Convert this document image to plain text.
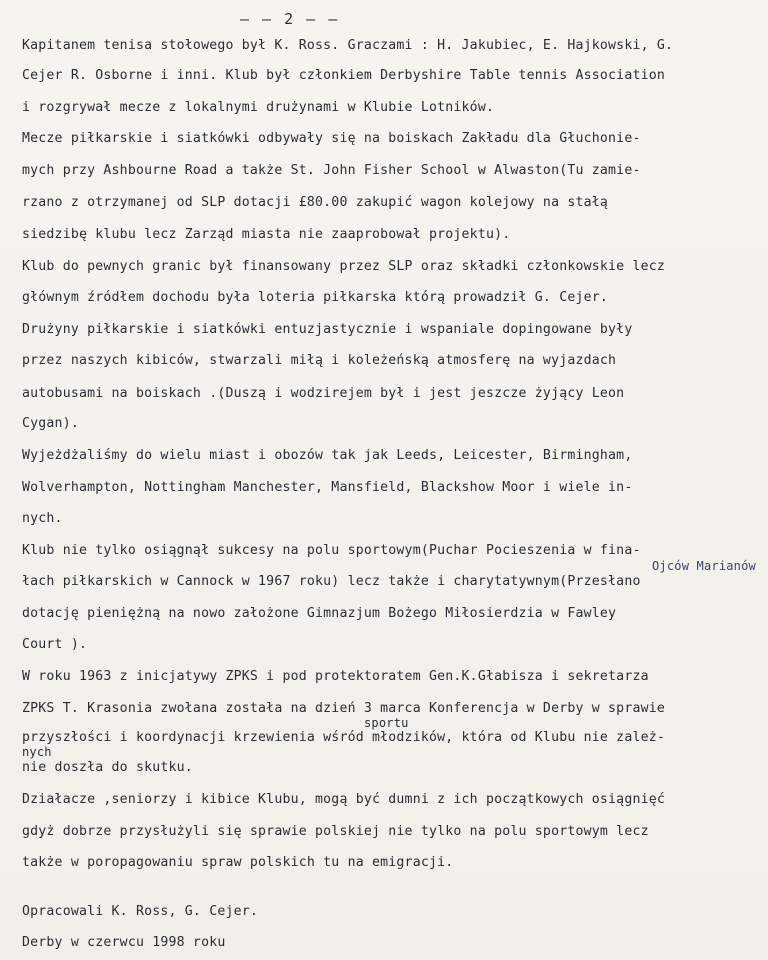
— — 2 — —
Kapitanem tenisa stołowego był K. Ross. Graczami : H. Jakubiec, E. Hajkowski, G.
Cejer R. Osborne i inni. Klub był członkiem Derbyshire Table tennis Association
i rozgrywał mecze z lokalnymi drużynami w Klubie Lotników.
Mecze piłkarskie i siatkówki odbywały się na boiskach Zakładu dla Głuchonie-
mych przy Ashbourne Road a także St. John Fisher School w Alwaston(Tu zamie-
rzano z otrzymanej od SLP dotacji £80.00 zakupić wagon kolejowy na stałą
siedzibę klubu lecz Zarząd miasta nie zaaprobował projektu).
Klub do pewnych granic był finansowany przez SLP oraz składki członkowskie lecz
głównym źródłem dochodu była loteria piłkarska którą prowadził G. Cejer.
Drużyny piłkarskie i siatkówki entuzjastycznie i wspaniale dopingowane były
przez naszych kibiców, stwarzali miłą i koleżeńską atmosferę na wyjazdach
autobusami na boiskach .(Duszą i wodzirejem był i jest jeszcze żyjący Leon
Cygan).
Wyjeżdżaliśmy do wielu miast i obozów tak jak Leeds, Leicester, Birmingham,
Wolverhampton, Nottingham Manchester, Mansfield, Blackshow Moor i wiele in-
nych.
Klub nie tylko osiągnął sukcesy na polu sportowym(Puchar Pocieszenia w fina-
Ojców Marianów
łach piłkarskich w Cannock w 1967 roku) lecz także i charytatywnym(Przesłano
dotację pieniężną na nowo założone Gimnazjum Bożego Miłosierdzia w Fawley
Court ).
W roku 1963 z inicjatywy ZPKS i pod protektoratem Gen.K.Głabisza i sekretarza
ZPKS T. Krasonia zwołana została na dzień 3 marca Konferencja w Derby w sprawie
sportu
przyszłości i koordynacji krzewienia wśród młodzików, która od Klubu nie zależ-
nych
nie doszła do skutku.
Działacze ,seniorzy i kibice Klubu, mogą być dumni z ich początkowych osiągnięć
gdyż dobrze przysłużyli się sprawie polskiej nie tylko na polu sportowym lecz
także w poropagowaniu spraw polskich tu na emigracji.
Opracowali K. Ross, G. Cejer.
Derby w czerwcu 1998 roku
